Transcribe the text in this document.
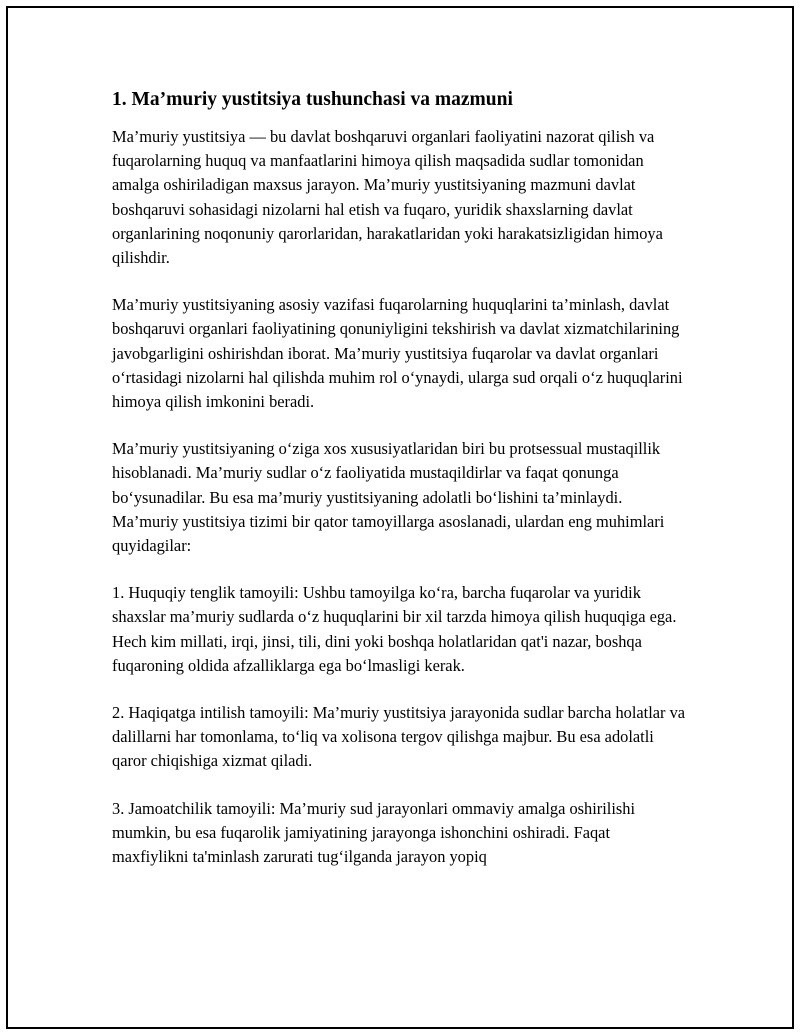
1. Ma’muriy yustitsiya tushunchasi va mazmuni

Ma’muriy yustitsiya — bu davlat boshqaruvi organlari faoliyatini nazorat qilish va fuqarolarning huquq va manfaatlarini himoya qilish maqsadida sudlar tomonidan amalga oshiriladigan maxsus jarayon. Ma’muriy yustitsiyaning mazmuni davlat boshqaruvi sohasidagi nizolarni hal etish va fuqaro, yuridik shaxslarning davlat organlarining noqonuniy qarorlaridan, harakatlaridan yoki harakatsizligidan himoya qilishdir.

Ma’muriy yustitsiyaning asosiy vazifasi fuqarolarning huquqlarini ta’minlash, davlat boshqaruvi organlari faoliyatining qonuniyligini tekshirish va davlat xizmatchilarining javobgarligini oshirishdan iborat. Ma’muriy yustitsiya fuqarolar va davlat organlari o‘rtasidagi nizolarni hal qilishda muhim rol o‘ynaydi, ularga sud orqali o‘z huquqlarini himoya qilish imkonini beradi.

Ma’muriy yustitsiyaning o‘ziga xos xususiyatlaridan biri bu protsessual mustaqillik hisoblanadi. Ma’muriy sudlar o‘z faoliyatida mustaqildirlar va faqat qonunga bo‘ysunadilar. Bu esa ma’muriy yustitsiyaning adolatli bo‘lishini ta’minlaydi. Ma’muriy yustitsiya tizimi bir qator tamoyillarga asoslanadi, ulardan eng muhimlari quyidagilar:

1. Huquqiy tenglik tamoyili: Ushbu tamoyilga ko‘ra, barcha fuqarolar va yuridik shaxslar ma’muriy sudlarda o‘z huquqlarini bir xil tarzda himoya qilish huquqiga ega. Hech kim millati, irqi, jinsi, tili, dini yoki boshqa holatlaridan qat'i nazar, boshqa fuqaroning oldida afzalliklarga ega bo‘lmasligi kerak.

2. Haqiqatga intilish tamoyili: Ma’muriy yustitsiya jarayonida sudlar barcha holatlar va dalillarni har tomonlama, to‘liq va xolisona tergov qilishga majbur. Bu esa adolatli qaror chiqishiga xizmat qiladi.

3. Jamoatchilik tamoyili: Ma’muriy sud jarayonlari ommaviy amalga oshirilishi mumkin, bu esa fuqarolik jamiyatining jarayonga ishonchini oshiradi. Faqat maxfiylikni ta'minlash zarurati tug‘ilganda jarayon yopiq
